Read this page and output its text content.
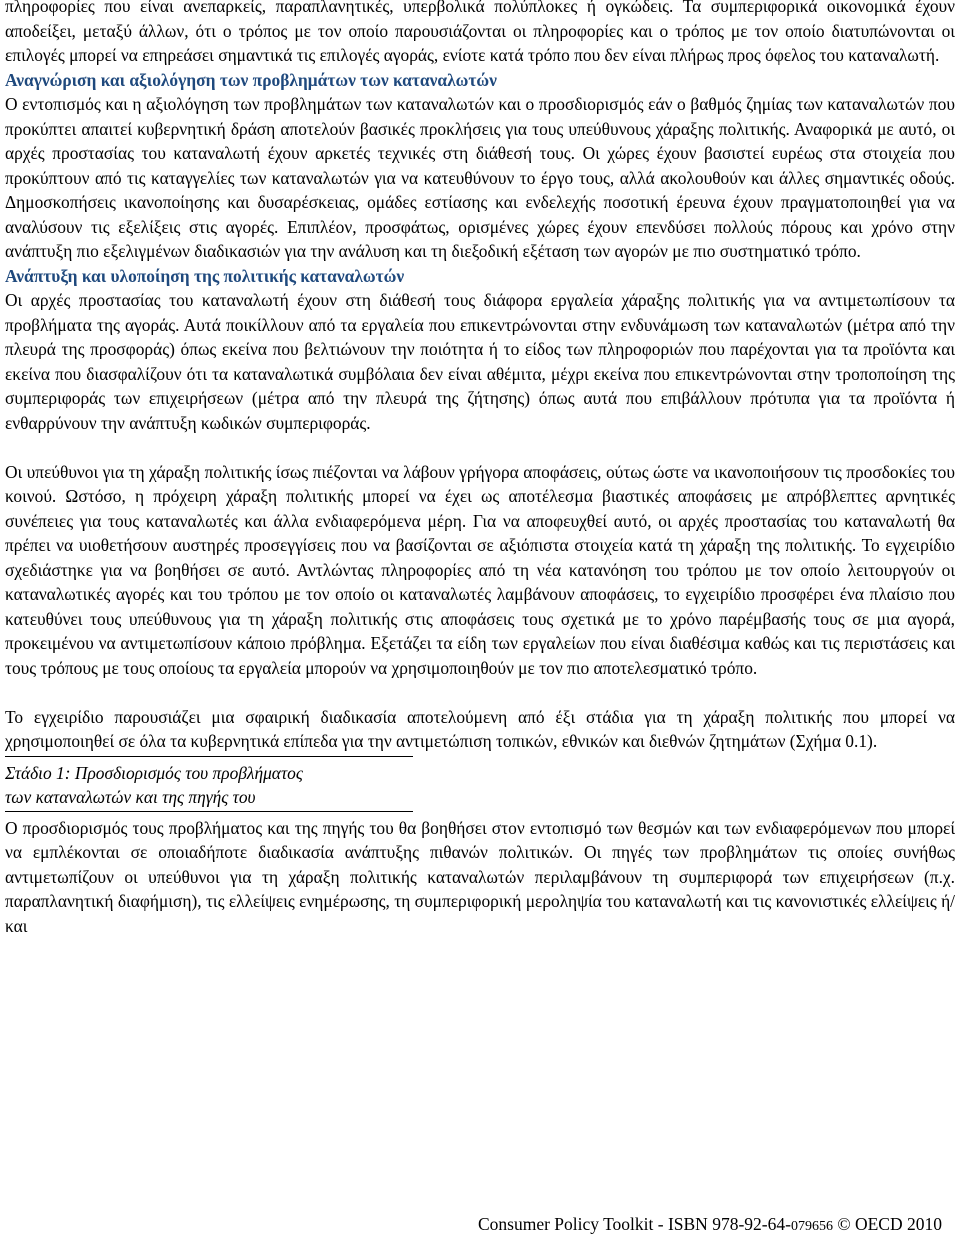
πληροφορίες που είναι ανεπαρκείς, παραπλανητικές, υπερβολικά πολύπλοκες ή ογκώδεις. Τα συμπεριφορικά οικονομικά έχουν αποδείξει, μεταξύ άλλων, ότι ο τρόπος με τον οποίο παρουσιάζονται οι πληροφορίες και ο τρόπος με τον οποίο διατυπώνονται οι επιλογές μπορεί να επηρεάσει σημαντικά τις επιλογές αγοράς, ενίοτε κατά τρόπο που δεν είναι πλήρως προς όφελος του καταναλωτή.

Αναγνώριση και αξιολόγηση των προβλημάτων των καταναλωτών

Ο εντοπισμός και η αξιολόγηση των προβλημάτων των καταναλωτών και ο προσδιορισμός εάν ο βαθμός ζημίας των καταναλωτών που προκύπτει απαιτεί κυβερνητική δράση αποτελούν βασικές προκλήσεις για τους υπεύθυνους χάραξης πολιτικής. Αναφορικά με αυτό, οι αρχές προστασίας του καταναλωτή έχουν αρκετές τεχνικές στη διάθεσή τους. Οι χώρες έχουν βασιστεί ευρέως στα στοιχεία που προκύπτουν από τις καταγγελίες των καταναλωτών για να κατευθύνουν το έργο τους, αλλά ακολουθούν και άλλες σημαντικές οδούς. Δημοσκοπήσεις ικανοποίησης και δυσαρέσκειας, ομάδες εστίασης και ενδελεχής ποσοτική έρευνα έχουν πραγματοποιηθεί για να αναλύσουν τις εξελίξεις στις αγορές. Επιπλέον, προσφάτως, ορισμένες χώρες έχουν επενδύσει πολλούς πόρους και χρόνο στην ανάπτυξη πιο εξελιγμένων διαδικασιών για την ανάλυση και τη διεξοδική εξέταση των αγορών με πιο συστηματικό τρόπο.

Ανάπτυξη και υλοποίηση της πολιτικής καταναλωτών

Οι αρχές προστασίας του καταναλωτή έχουν στη διάθεσή τους διάφορα εργαλεία χάραξης πολιτικής για να αντιμετωπίσουν τα προβλήματα της αγοράς. Αυτά ποικίλλουν από τα εργαλεία που επικεντρώνονται στην ενδυνάμωση των καταναλωτών (μέτρα από την πλευρά της προσφοράς) όπως εκείνα που βελτιώνουν την ποιότητα ή το είδος των πληροφοριών που παρέχονται για τα προϊόντα και εκείνα που διασφαλίζουν ότι τα καταναλωτικά συμβόλαια δεν είναι αθέμιτα, μέχρι εκείνα που επικεντρώνονται στην τροποποίηση της συμπεριφοράς των επιχειρήσεων (μέτρα από την πλευρά της ζήτησης) όπως αυτά που επιβάλλουν πρότυπα για τα προϊόντα ή ενθαρρύνουν την ανάπτυξη κωδικών συμπεριφοράς.

Οι υπεύθυνοι για τη χάραξη πολιτικής ίσως πιέζονται να λάβουν γρήγορα αποφάσεις, ούτως ώστε να ικανοποιήσουν τις προσδοκίες του κοινού. Ωστόσο, η πρόχειρη χάραξη πολιτικής μπορεί να έχει ως αποτέλεσμα βιαστικές αποφάσεις με απρόβλεπτες αρνητικές συνέπειες για τους καταναλωτές και άλλα ενδιαφερόμενα μέρη. Για να αποφευχθεί αυτό, οι αρχές προστασίας του καταναλωτή θα πρέπει να υιοθετήσουν αυστηρές προσεγγίσεις που να βασίζονται σε αξιόπιστα στοιχεία κατά τη χάραξη της πολιτικής. Το εγχειρίδιο σχεδιάστηκε για να βοηθήσει σε αυτό. Αντλώντας πληροφορίες από τη νέα κατανόηση του τρόπου με τον οποίο λειτουργούν οι καταναλωτικές αγορές και του τρόπου με τον οποίο οι καταναλωτές λαμβάνουν αποφάσεις, το εγχειρίδιο προσφέρει ένα πλαίσιο που κατευθύνει τους υπεύθυνους για τη χάραξη πολιτικής στις αποφάσεις τους σχετικά με το χρόνο παρέμβασής τους σε μια αγορά, προκειμένου να αντιμετωπίσουν κάποιο πρόβλημα. Εξετάζει τα είδη των εργαλείων που είναι διαθέσιμα καθώς και τις περιστάσεις και τους τρόπους με τους οποίους τα εργαλεία μπορούν να χρησιμοποιηθούν με τον πιο αποτελεσματικό τρόπο.

Το εγχειρίδιο παρουσιάζει μια σφαιρική διαδικασία αποτελούμενη από έξι στάδια για τη χάραξη πολιτικής που μπορεί να χρησιμοποιηθεί σε όλα τα κυβερνητικά επίπεδα για την αντιμετώπιση τοπικών, εθνικών και διεθνών ζητημάτων (Σχήμα 0.1).

Στάδιο 1: Προσδιορισμός του προβλήματος
των καταναλωτών και της πηγής του

Ο προσδιορισμός τους προβλήματος και της πηγής του θα βοηθήσει στον εντοπισμό των θεσμών και των ενδιαφερόμενων που μπορεί να εμπλέκονται σε οποιαδήποτε διαδικασία ανάπτυξης πιθανών πολιτικών. Οι πηγές των προβλημάτων τις οποίες συνήθως αντιμετωπίζουν οι υπεύθυνοι για τη χάραξη πολιτικής καταναλωτών περιλαμβάνουν τη συμπεριφορά των επιχειρήσεων (π.χ. παραπλανητική διαφήμιση), τις ελλείψεις ενημέρωσης, τη συμπεριφορική μεροληψία του καταναλωτή και τις κανονιστικές ελλείψεις ή/και

Consumer Policy Toolkit - ISBN 978-92-64-079656 © OECD 2010
